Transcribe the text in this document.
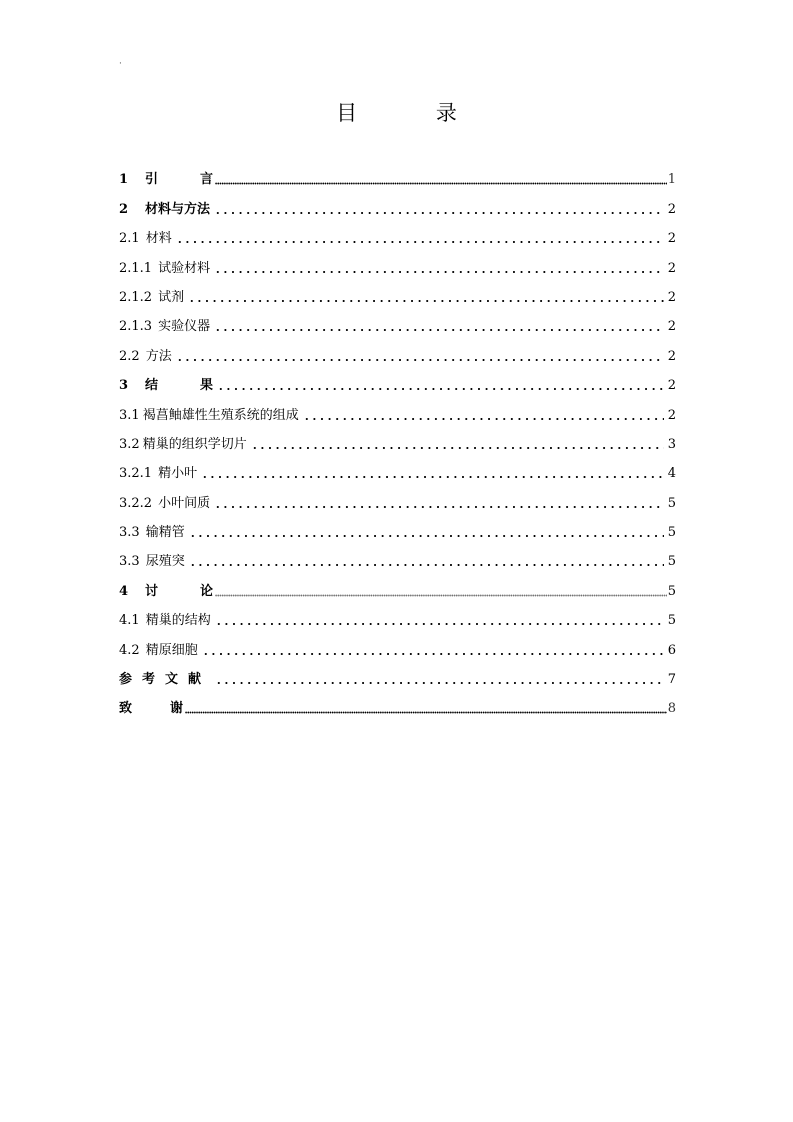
·
目 录
1	引 言	1
2	材料与方法	2
2.1 材料	2
2.1.1 试验材料	2
2.1.2 试剂	2
2.1.3 实验仪器	2
2.2 方法	2
3	结 果	2
3.1 褐菖鲉雄性生殖系统的组成	2
3.2 精巢的组织学切片	3
3.2.1 精小叶	4
3.2.2 小叶间质	5
3.3 输精管	5
3.3 尿殖突	5
4	讨 论	5
4.1 精巢的结构	5
4.2 精原细胞	6
参考文献	7
致 谢	8
